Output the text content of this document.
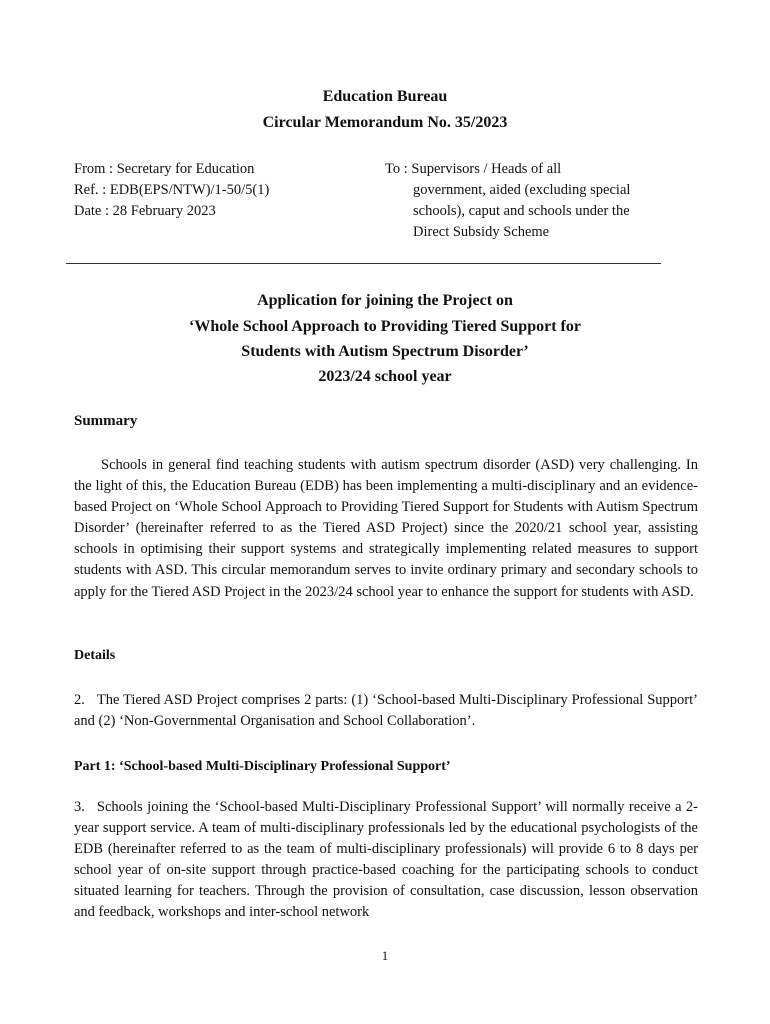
Education Bureau
Circular Memorandum No. 35/2023
From : Secretary for Education
Ref. : EDB(EPS/NTW)/1-50/5(1)
Date : 28 February 2023
To : Supervisors / Heads of all
government, aided (excluding special
schools), caput and schools under the
Direct Subsidy Scheme
Application for joining the Project on
‘Whole School Approach to Providing Tiered Support for
Students with Autism Spectrum Disorder’
2023/24 school year
Summary
Schools in general find teaching students with autism spectrum disorder (ASD) very challenging. In the light of this, the Education Bureau (EDB) has been implementing a multi-disciplinary and an evidence-based Project on ‘Whole School Approach to Providing Tiered Support for Students with Autism Spectrum Disorder’ (hereinafter referred to as the Tiered ASD Project) since the 2020/21 school year, assisting schools in optimising their support systems and strategically implementing related measures to support students with ASD. This circular memorandum serves to invite ordinary primary and secondary schools to apply for the Tiered ASD Project in the 2023/24 school year to enhance the support for students with ASD.
Details
2. The Tiered ASD Project comprises 2 parts: (1) ‘School-based Multi-Disciplinary Professional Support’ and (2) ‘Non-Governmental Organisation and School Collaboration’.
Part 1: ‘School-based Multi-Disciplinary Professional Support’
3. Schools joining the ‘School-based Multi-Disciplinary Professional Support’ will normally receive a 2-year support service. A team of multi-disciplinary professionals led by the educational psychologists of the EDB (hereinafter referred to as the team of multi-disciplinary professionals) will provide 6 to 8 days per school year of on-site support through practice-based coaching for the participating schools to conduct situated learning for teachers. Through the provision of consultation, case discussion, lesson observation and feedback, workshops and inter-school network
1
